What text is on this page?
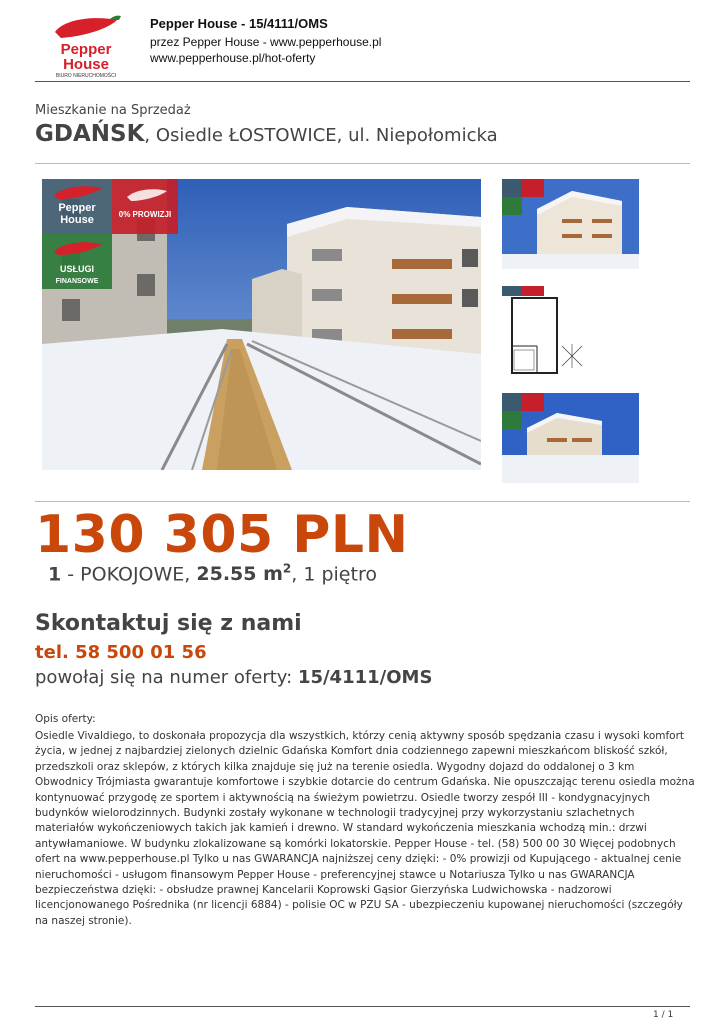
Pepper
House
BIURO NIERUCHOMOŚCI
Pepper House - 15/4111/OMS
przez Pepper House - www.pepperhouse.pl
www.pepperhouse.pl/hot-oferty
Mieszkanie na Sprzedaż
GDAŃSK, Osiedle ŁOSTOWICE, ul. Niepołomicka
Pepper
House	0% PROWIZJI
USŁUGI
FINANSOWE
130 305 PLN
1 - POKOJOWE, 25.55 $m^2$, 1 piętro
Skontaktuj się z nami
tel. 58 500 01 56
powołaj się na numer oferty: 15/4111/OMS
Opis oferty:
Osiedle Vivaldiego, to doskonała propozycja dla wszystkich, którzy cenią aktywny sposób spędzania czasu i wysoki komfort życia, w jednej z najbardziej zielonych dzielnic Gdańska Komfort dnia codziennego zapewni mieszkańcom bliskość szkół, przedszkoli oraz sklepów, z których kilka znajduje się już na terenie osiedla. Wygodny dojazd do oddalonej o 3 km Obwodnicy Trójmiasta gwarantuje komfortowe i szybkie dotarcie do centrum Gdańska. Nie opuszczając terenu osiedla można kontynuować przygodę ze sportem i aktywnością na świeżym powietrzu. Osiedle tworzy zespół III - kondygnacyjnych budynków wielorodzinnych. Budynki zostały wykonane w technologii tradycyjnej przy wykorzystaniu szlachetnych materiałów wykończeniowych takich jak kamień i drewno. W standard wykończenia mieszkania wchodzą min.: drzwi antywłamaniowe. W budynku zlokalizowane są komórki lokatorskie. Pepper House - tel. (58) 500 00 30 Więcej podobnych ofert na www.pepperhouse.pl Tylko u nas GWARANCJA najniższej ceny dzięki: - 0% prowizji od Kupującego - aktualnej cenie nieruchomości - usługom finansowym Pepper House - preferencyjnej stawce u Notariusza Tylko u nas GWARANCJA bezpieczeństwa dzięki: - obsłudze prawnej Kancelarii Koprowski Gąsior Gierzyńska Ludwichowska - nadzorowi licencjonowanego Pośrednika (nr licencji 6884) - polisie OC w PZU SA - ubezpieczeniu kupowanej nieruchomości (szczegóły na naszej stronie).
1 / 1
